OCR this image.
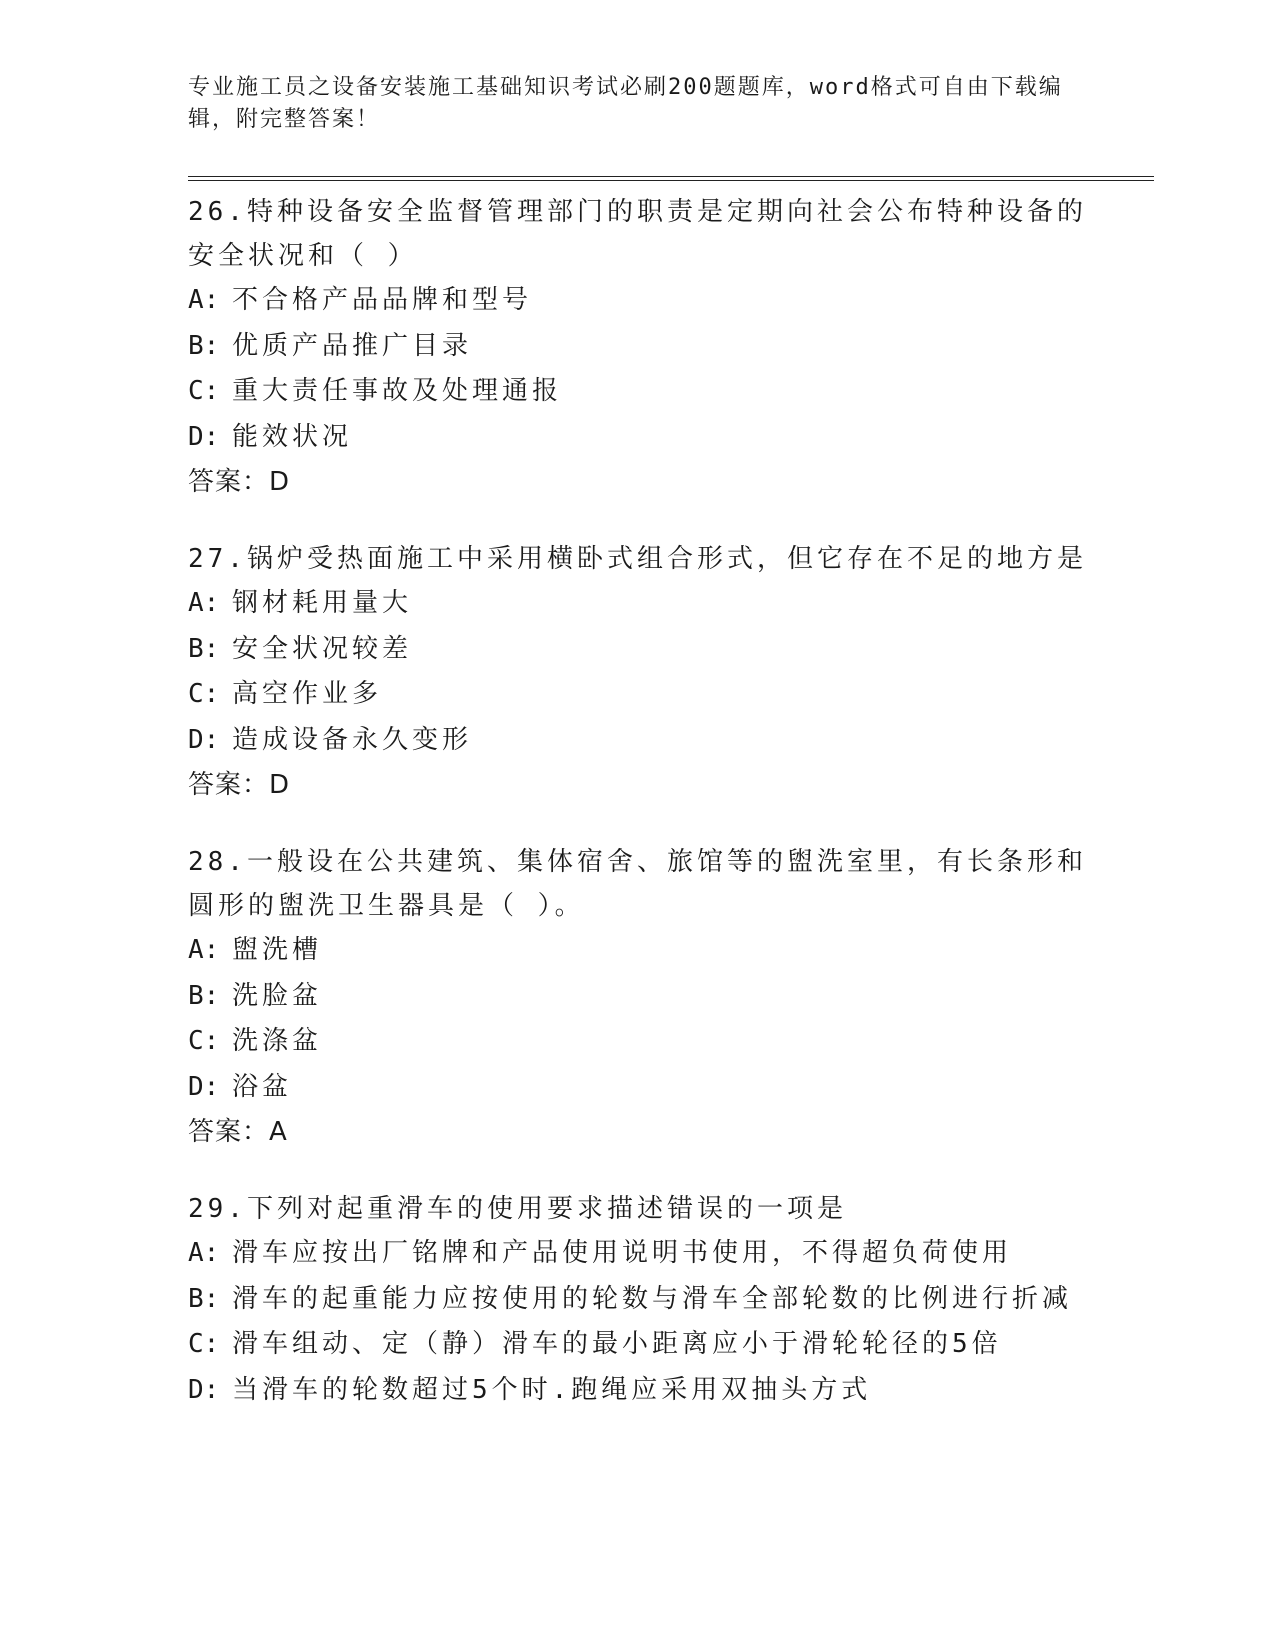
专业施工员之设备安装施工基础知识考试必刷200题题库，word格式可自由下载编辑，附完整答案！

26.特种设备安全监督管理部门的职责是定期向社会公布特种设备的安全状况和（ ）

A: 不合格产品品牌和型号

B: 优质产品推广目录

C: 重大责任事故及处理通报

D: 能效状况

答案：D

27.锅炉受热面施工中采用横卧式组合形式，但它存在不足的地方是

A: 钢材耗用量大

B: 安全状况较差

C: 高空作业多

D: 造成设备永久变形

答案：D

28.一般设在公共建筑、集体宿舍、旅馆等的盥洗室里，有长条形和圆形的盥洗卫生器具是（ ）。

A: 盥洗槽

B: 洗脸盆

C: 洗涤盆

D: 浴盆

答案：A

29.下列对起重滑车的使用要求描述错误的一项是

A: 滑车应按出厂铭牌和产品使用说明书使用，不得超负荷使用

B: 滑车的起重能力应按使用的轮数与滑车全部轮数的比例进行折减

C: 滑车组动、定（静）滑车的最小距离应小于滑轮轮径的5倍

D: 当滑车的轮数超过5个时.跑绳应采用双抽头方式
